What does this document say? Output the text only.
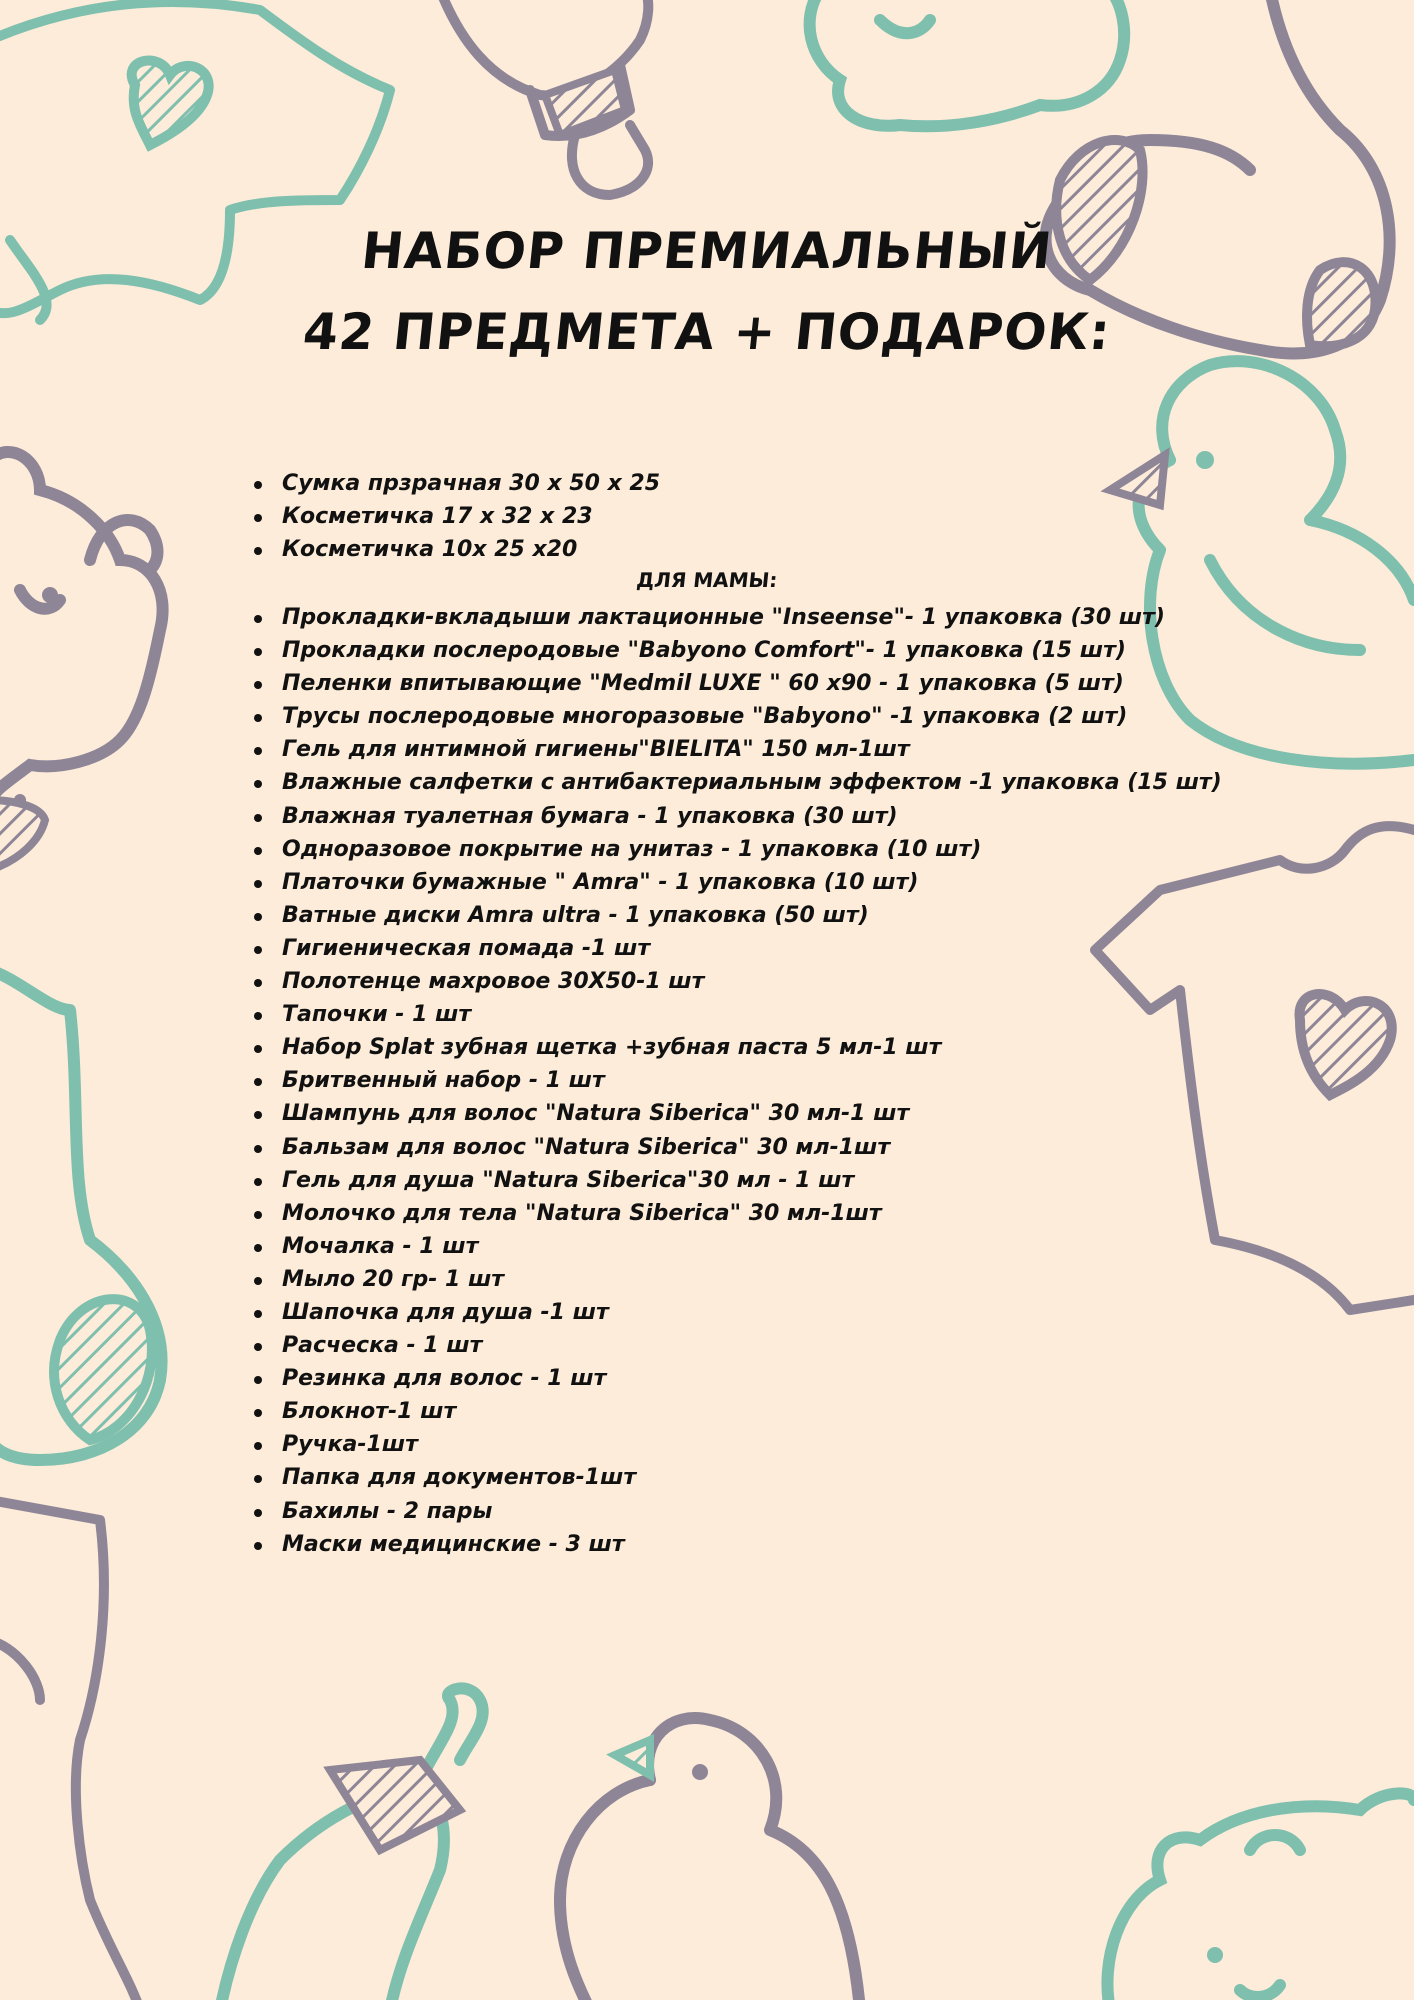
НАБОР ПРЕМИАЛЬНЫЙ
42 ПРЕДМЕТА + ПОДАРОК:
Сумка прзрачная 30 х 50 х 25
Косметичка 17 х 32 х 23
Косметичка 10х 25 х20
ДЛЯ МАМЫ:
Прокладки-вкладыши лактационные "Inseense"- 1 упаковка (30 шт)
Прокладки послеродовые "Babyono Comfort"- 1 упаковка (15 шт)
Пеленки впитывающие "Medmil LUXE " 60 х90 - 1 упаковка (5 шт)
Трусы послеродовые многоразовые "Babyono" -1 упаковка (2 шт)
Гель для интимной гигиены"BIELITA" 150 мл-1шт
Влажные салфетки с антибактериальным эффектом -1 упаковка (15 шт)
Влажная туалетная бумага - 1 упаковка (30 шт)
Одноразовое покрытие на унитаз - 1 упаковка (10 шт)
Платочки бумажные " Amra" - 1 упаковка (10 шт)
Ватные диски Amra ultra - 1 упаковка (50 шт)
Гигиеническая помада -1 шт
Полотенце махровое 30Х50-1 шт
Тапочки - 1 шт
Набор Splat зубная щетка +зубная паста 5 мл-1 шт
Бритвенный набор - 1 шт
Шампунь для волос "Natura Siberica" 30 мл-1 шт
Бальзам для волос "Natura Siberica" 30 мл-1шт
Гель для душа "Natura Siberica"30 мл - 1 шт
Молочко для тела "Natura Siberica" 30 мл-1шт
Мочалка - 1 шт
Мыло 20 гр- 1 шт
Шапочка для душа -1 шт
Расческа - 1 шт
Резинка для волос - 1 шт
Блокнот-1 шт
Ручка-1шт
Папка для документов-1шт
Бахилы - 2 пары
Маски медицинские - 3 шт
